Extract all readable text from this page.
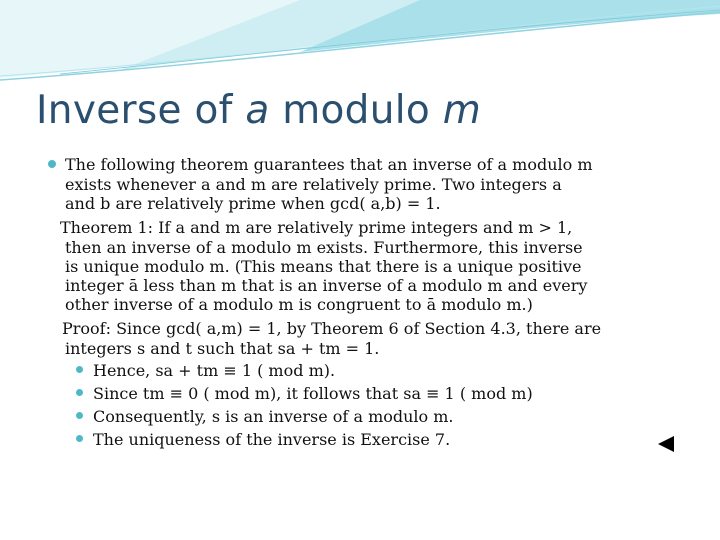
Inverse of a modulo m
The following theorem guarantees that an inverse of a modulo m
exists whenever a and m are relatively prime. Two integers a
and b are relatively prime when gcd( a,b) = 1.
Theorem 1: If a and m are relatively prime integers and m > 1,
then an inverse of a modulo m exists. Furthermore, this inverse
is unique modulo m. (This means that there is a unique positive
integer ā less than m that is an inverse of a modulo m and every
other inverse of a modulo m is congruent to ā modulo m.)
Proof: Since gcd( a,m) = 1, by Theorem 6 of Section 4.3, there are
integers s and t such that sa + tm = 1.
Hence, sa + tm ≡ 1 ( mod m).
Since tm ≡ 0 ( mod m), it follows that sa ≡ 1 ( mod m)
Consequently, s is an inverse of a modulo m.
The uniqueness of the inverse is Exercise 7.
